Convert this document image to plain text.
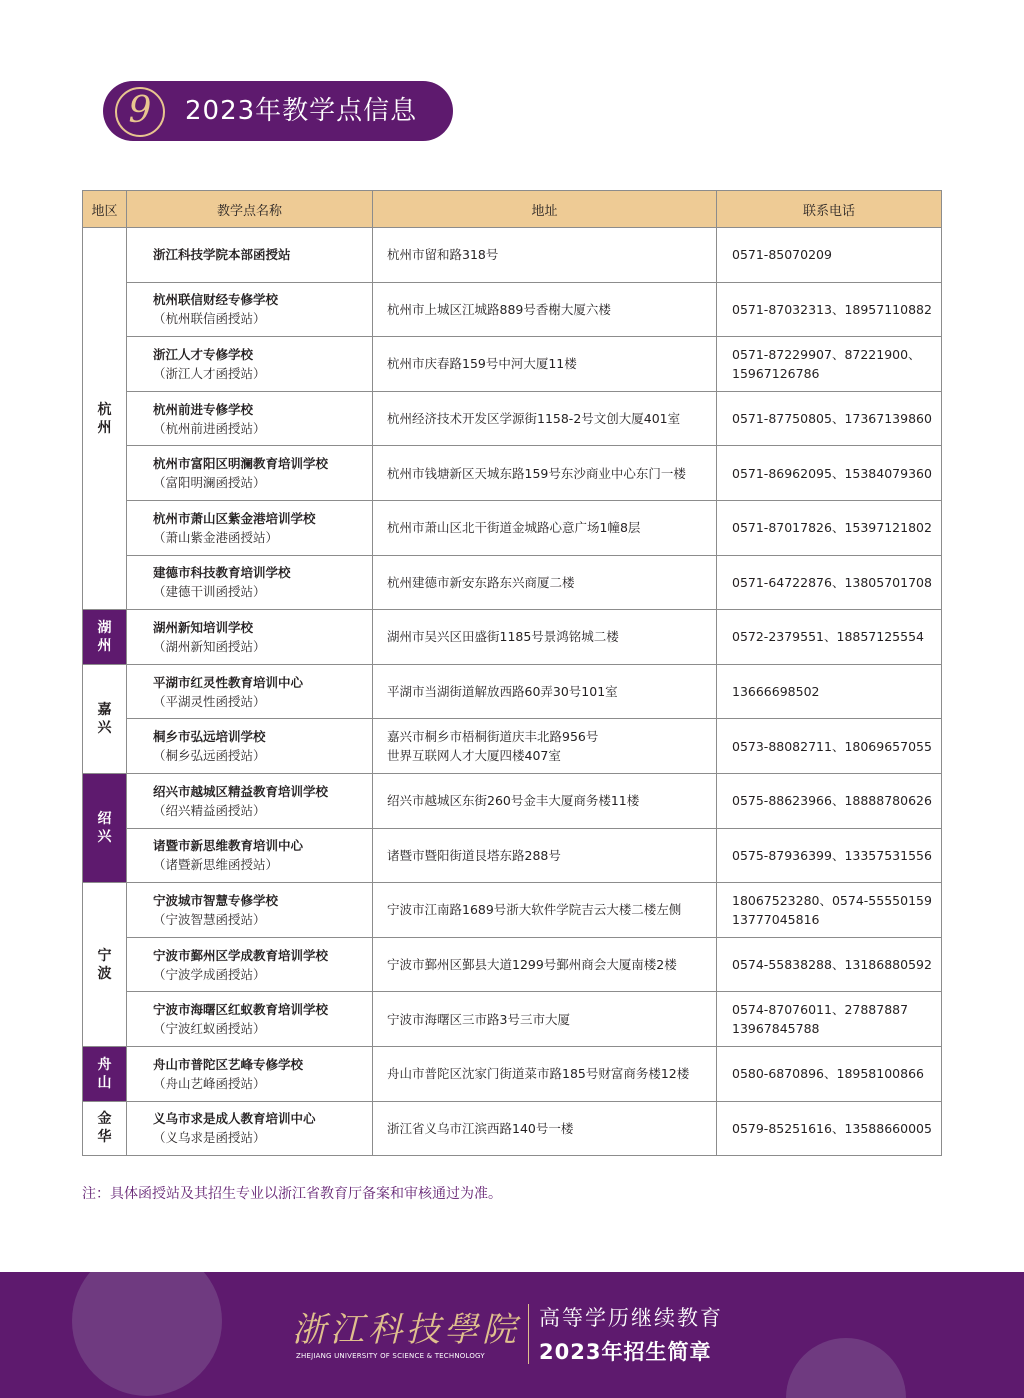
9	2023年教学点信息
地区	教学点名称	地址	联系电话
杭州	浙江科技学院本部函授站	杭州市留和路318号	0571-85070209

	杭州联信财经专修学校
（杭州联信函授站）	杭州市上城区江城路889号香榭大厦六楼	0571-87032313、18957110882

	浙江人才专修学校
（浙江人才函授站）	杭州市庆春路159号中河大厦11楼	0571-87229907、87221900、
15967126786

	杭州前进专修学校
（杭州前进函授站）	杭州经济技术开发区学源街1158-2号文创大厦401室	0571-87750805、17367139860

	杭州市富阳区明澜教育培训学校
（富阳明澜函授站）	杭州市钱塘新区天城东路159号东沙商业中心东门一楼	0571-86962095、15384079360

	杭州市萧山区紫金港培训学校
（萧山紫金港函授站）	杭州市萧山区北干街道金城路心意广场1幢8层	0571-87017826、15397121802

	建德市科技教育培训学校
（建德干训函授站）	杭州建德市新安东路东兴商厦二楼	0571-64722876、13805701708

湖州	湖州新知培训学校
（湖州新知函授站）	湖州市吴兴区田盛街1185号景鸿铭城二楼	0572-2379551、18857125554

嘉兴	平湖市红灵性教育培训中心
（平湖灵性函授站）	平湖市当湖街道解放西路60弄30号101室	13666698502

	桐乡市弘远培训学校
（桐乡弘远函授站）	嘉兴市桐乡市梧桐街道庆丰北路956号
世界互联网人才大厦四楼407室	0573-88082711、18069657055

绍兴	绍兴市越城区精益教育培训学校
（绍兴精益函授站）	绍兴市越城区东街260号金丰大厦商务楼11楼	0575-88623966、18888780626

	诸暨市新思维教育培训中心
（诸暨新思维函授站）	诸暨市暨阳街道艮塔东路288号	0575-87936399、13357531556

宁波	宁波城市智慧专修学校
（宁波智慧函授站）	宁波市江南路1689号浙大软件学院吉云大楼二楼左侧	18067523280、0574-55550159
13777045816

	宁波市鄞州区学成教育培训学校
（宁波学成函授站）	宁波市鄞州区鄞县大道1299号鄞州商会大厦南楼2楼	0574-55838288、13186880592

	宁波市海曙区红蚁教育培训学校
（宁波红蚁函授站）	宁波市海曙区三市路3号三市大厦	0574-87076011、27887887
13967845788

舟山	舟山市普陀区艺峰专修学校
（舟山艺峰函授站）	舟山市普陀区沈家门街道菜市路185号财富商务楼12楼	0580-6870896、18958100866

金华	义乌市求是成人教育培训中心
（义乌求是函授站）	浙江省义乌市江滨西路140号一楼	0579-85251616、13588660005
注：具体函授站及其招生专业以浙江省教育厅备案和审核通过为准。
浙江科技學院
ZHEJIANG UNIVERSITY OF SCIENCE & TECHNOLOGY
高等学历继续教育
2023年招生简章
